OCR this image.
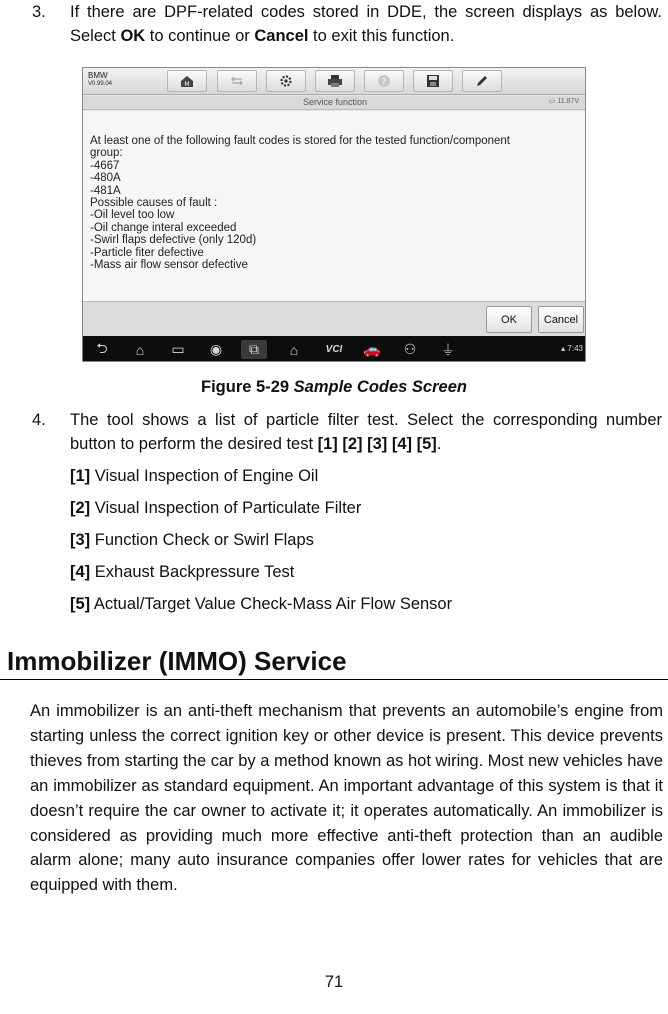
3. If there are DPF-related codes stored in DDE, the screen displays as below. Select OK to continue or Cancel to exit this function.
BMW
V0.99.04	M	?
Service function	▭ 11.87V
At least one of the following fault codes is stored for the tested function/component
group:
-4667
-480A
-481A
Possible causes of fault :
-Oil level too low
-Oil change interal exceeded
-Swirl flaps defective (only 120d)
-Particle fiter defective
-Mass air flow sensor defective
OK	Cancel
⮌	⌂	▭	◉	⧉	⌂	VCI	🚗	⚇	⏚	▴ 7:43
Figure 5-29 Sample Codes Screen
4. The tool shows a list of particle filter test. Select the corresponding number button to perform the desired test [1] [2] [3] [4] [5].
[1] Visual Inspection of Engine Oil
[2] Visual Inspection of Particulate Filter
[3] Function Check or Swirl Flaps
[4] Exhaust Backpressure Test
[5] Actual/Target Value Check-Mass Air Flow Sensor
Immobilizer (IMMO) Service
An immobilizer is an anti-theft mechanism that prevents an automobile’s engine from starting unless the correct ignition key or other device is present. This device prevents thieves from starting the car by a method known as hot wiring. Most new vehicles have an immobilizer as standard equipment. An important advantage of this system is that it doesn’t require the car owner to activate it; it operates automatically. An immobilizer is considered as providing much more effective anti-theft protection than an audible alarm alone; many auto insurance companies offer lower rates for vehicles that are equipped with them.
71
